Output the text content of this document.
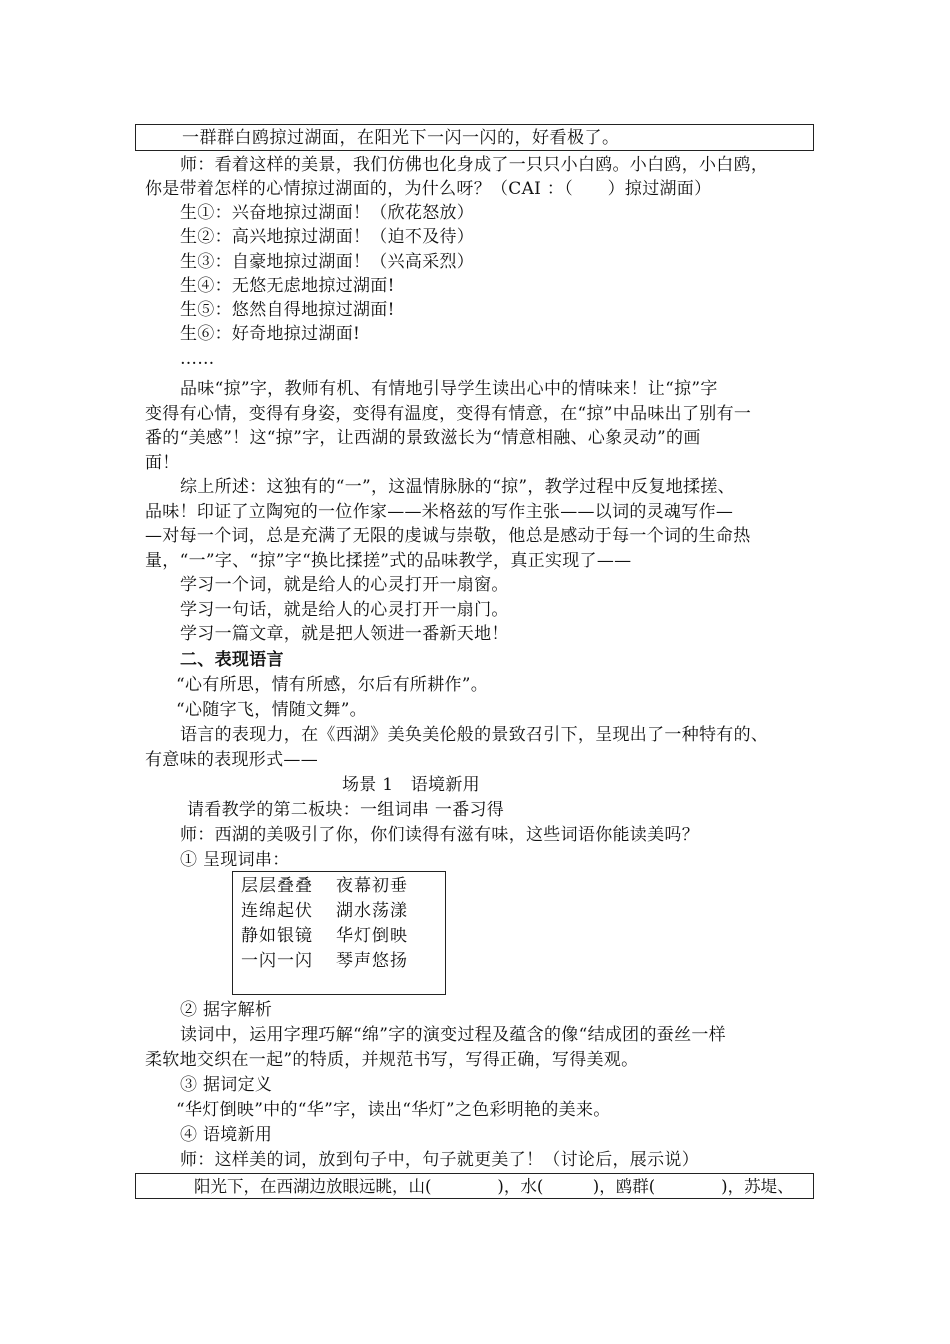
一群群白鸥掠过湖面，在阳光下一闪一闪的，好看极了。
师：看着这样的美景，我们仿佛也化身成了一只只小白鸥。小白鸥，小白鸥，
你是带着怎样的心情掠过湖面的，为什么呀？（CAI ：（　　）掠过湖面）
生①：兴奋地掠过湖面！（欣花怒放）
生②：高兴地掠过湖面！（迫不及待）
生③：自豪地掠过湖面！（兴高采烈）
生④：无悠无虑地掠过湖面!
生⑤：悠然自得地掠过湖面!
生⑥：好奇地掠过湖面!
……
品味“掠”字，教师有机、有情地引导学生读出心中的情味来！让“掠”字
变得有心情，变得有身姿，变得有温度，变得有情意，在“掠”中品味出了别有一
番的“美感”！这“掠”字，让西湖的景致滋长为“情意相融、心象灵动”的画
面！
综上所述：这独有的“一”，这温情脉脉的“掠”，教学过程中反复地揉搓、
品味！印证了立陶宛的一位作家——米格兹的写作主张——以词的灵魂写作—
—对每一个词，总是充满了无限的虔诚与崇敬，他总是感动于每一个词的生命热
量，“一”字、“掠”字“换比揉搓”式的品味教学，真正实现了——
学习一个词，就是给人的心灵打开一扇窗。
学习一句话，就是给人的心灵打开一扇门。
学习一篇文章，就是把人领进一番新天地！
二、表现语言
“心有所思，情有所感，尔后有所耕作”。
“心随字飞，情随文舞”。
语言的表现力，在《西湖》美奂美伦般的景致召引下，呈现出了一种特有的、
有意味的表现形式——
场景 1　语境新用
请看教学的第二板块：一组词串 一番习得
师：西湖的美吸引了你，你们读得有滋有味，这些词语你能读美吗？
① 呈现词串：
层层叠叠 夜幕初垂
连绵起伏 湖水荡漾
静如银镜 华灯倒映
一闪一闪 琴声悠扬
② 据字解析
读词中，运用字理巧解“绵”字的演变过程及蕴含的像“结成团的蚕丝一样
柔软地交织在一起”的特质，并规范书写，写得正确，写得美观。
③ 据词定义
“华灯倒映”中的“华”字，读出“华灯”之色彩明艳的美来。
④ 语境新用
师：这样美的词，放到句子中，句子就更美了！（讨论后，展示说）
阳光下，在西湖边放眼远眺，山(　　　　)，水(　　　)，鸥群(　　　　)，苏堤、
